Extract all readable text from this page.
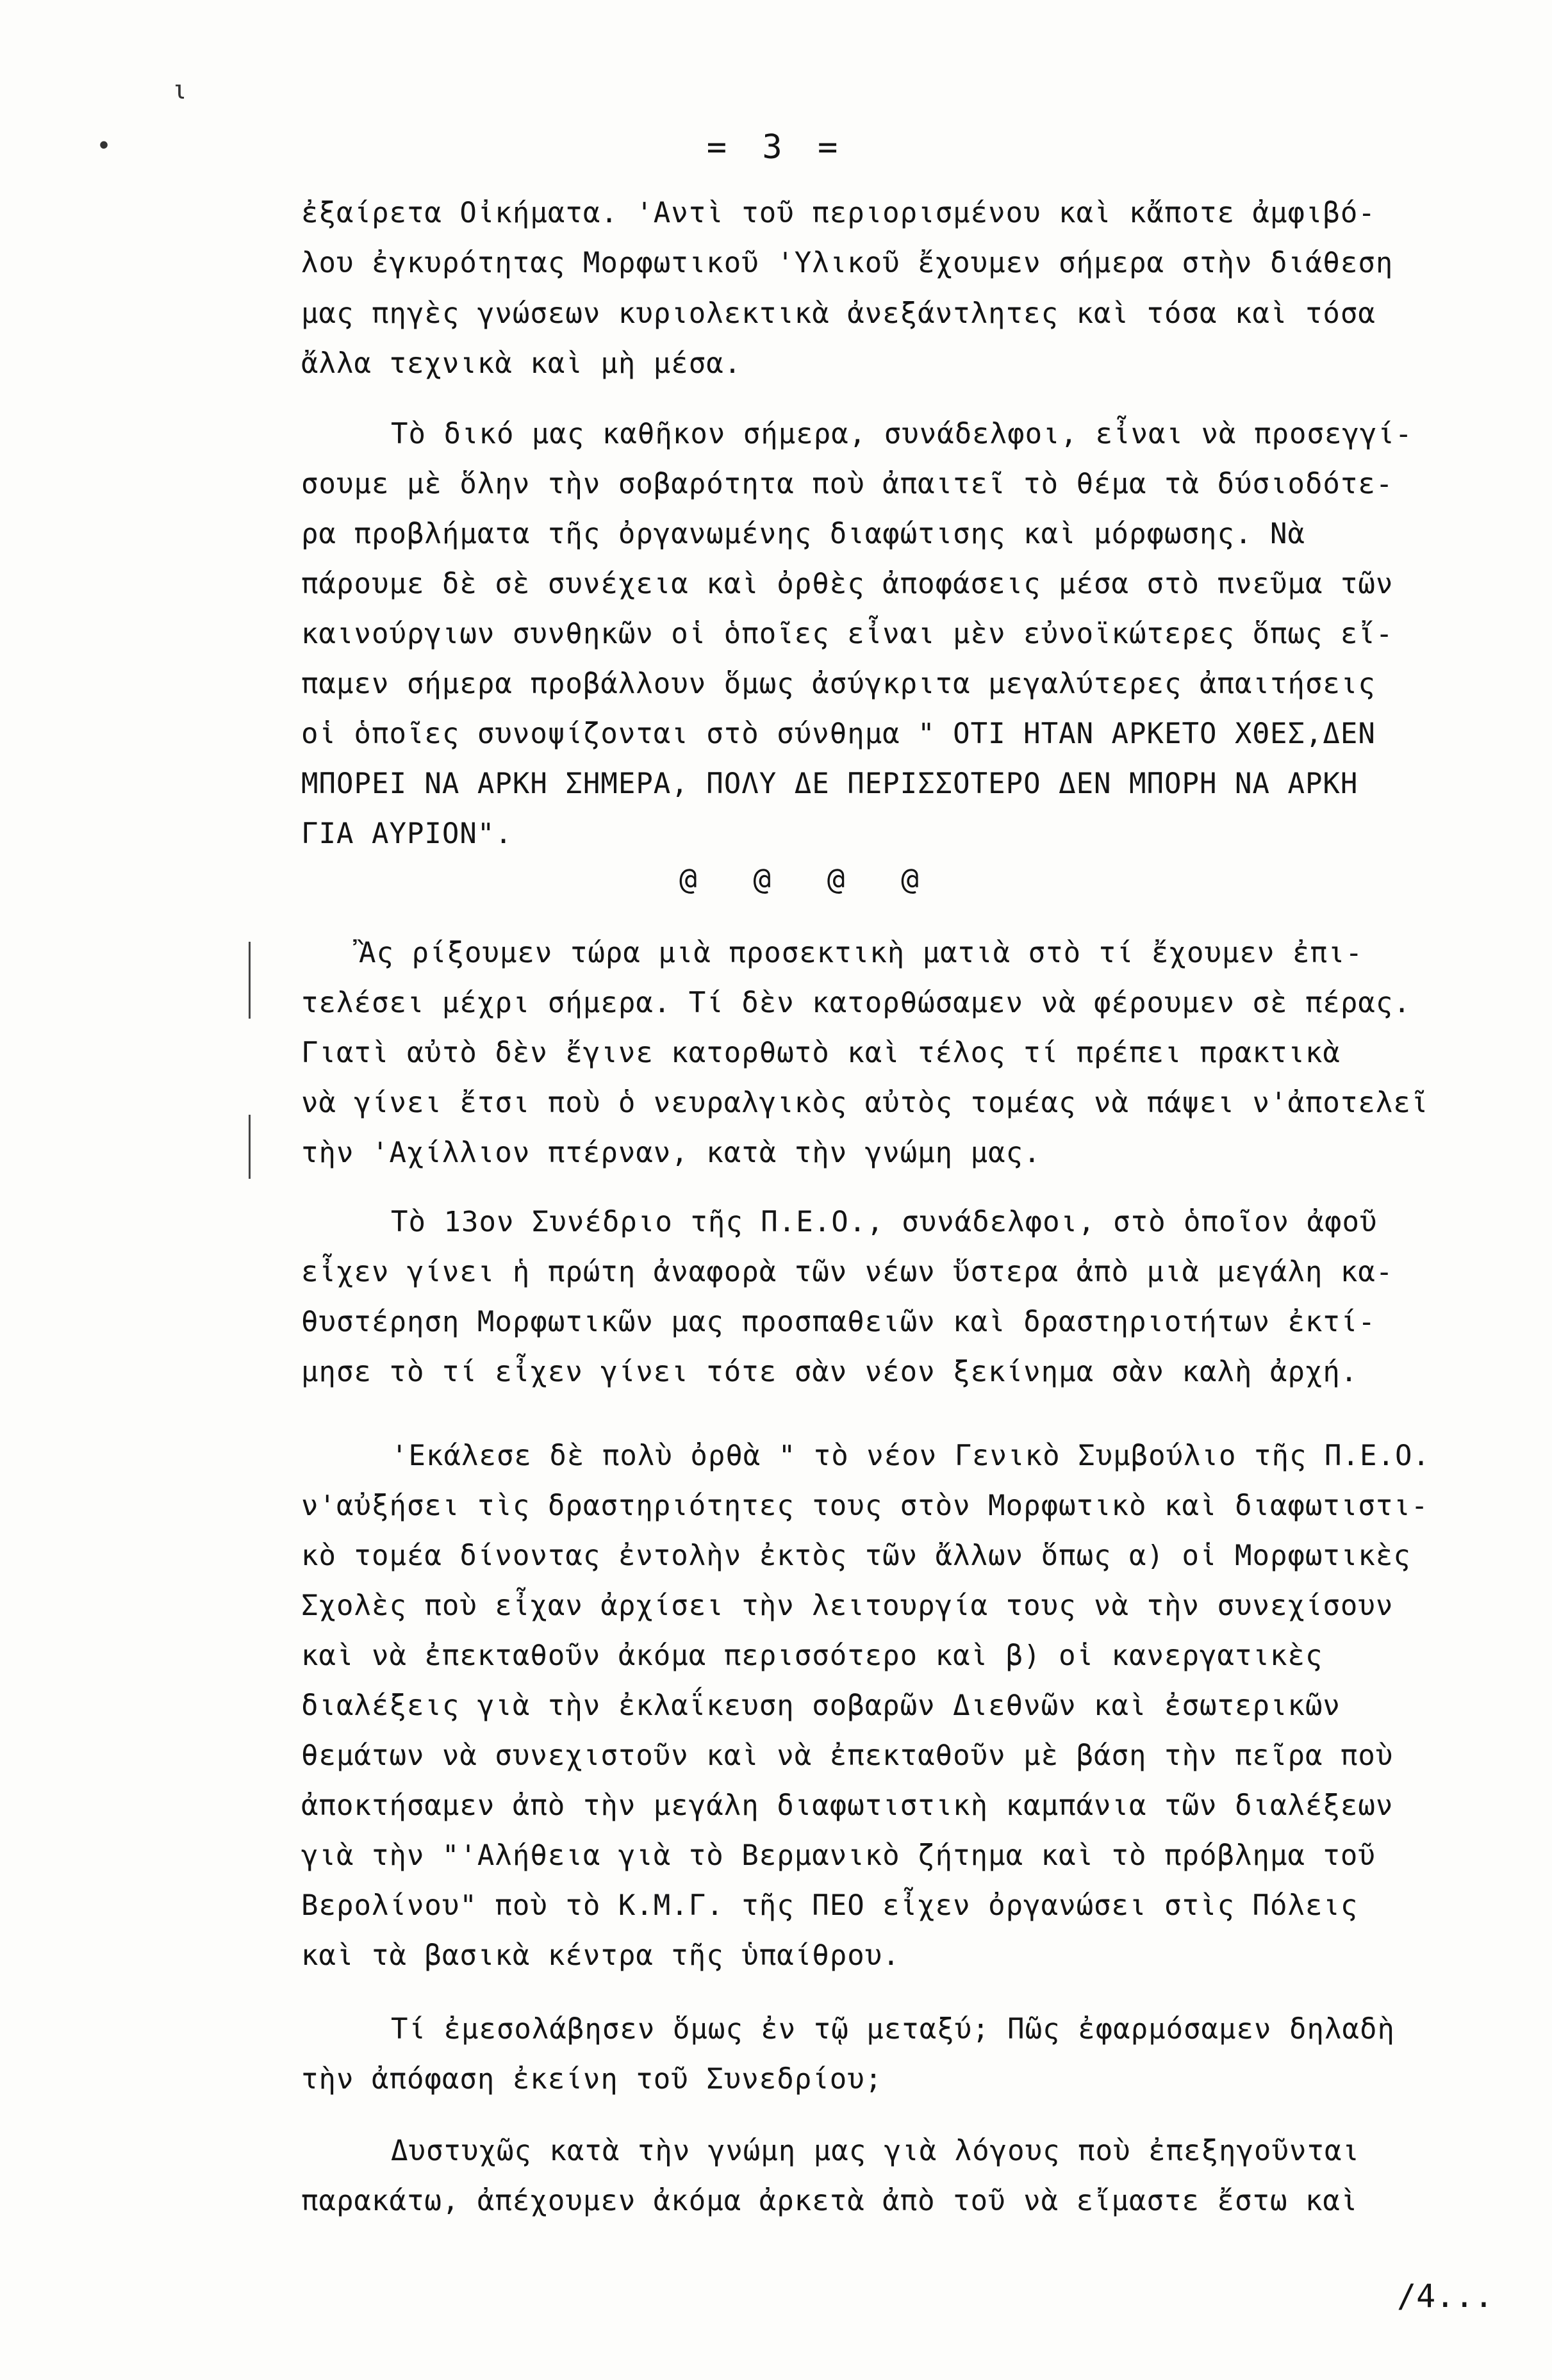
ι
•	= 3 =
ἐξαίρετα Οἰκήματα. 'Αντὶ τοῦ περιορισμένου καὶ κἄποτε ἀμφιβό-
λου ἐγκυρότητας Μορφωτικοῦ 'Υλικοῦ ἔχουμεν σήμερα στὴν διάθεση
μας πηγὲς γνώσεων κυριολεκτικὰ ἀνεξάντλητες καὶ τόσα καὶ τόσα
ἄλλα τεχνικὰ καὶ μὴ μέσα.
Τὸ δικό μας καθῆκον σήμερα, συνάδελφοι, εἶναι νὰ προσεγγί-
σουμε μὲ ὅλην τὴν σοβαρότητα ποὺ ἀπαιτεῖ τὸ θέμα τὰ δύσιοδότε-
ρα προβλήματα τῆς ὀργανωμένης διαφώτισης καὶ μόρφωσης. Νὰ
πάρουμε δὲ σὲ συνέχεια καὶ ὀρθὲς ἀποφάσεις μέσα στὸ πνεῦμα τῶν
καινούργιων συνθηκῶν οἱ ὁποῖες εἶναι μὲν εὐνοϊκώτερες ὅπως εἴ-
παμεν σήμερα προβάλλουν ὅμως ἀσύγκριτα μεγαλύτερες ἀπαιτήσεις
οἱ ὁποῖες συνοψίζονται στὸ σύνθημα " ΟΤΙ ΗΤΑΝ ΑΡΚΕΤΟ ΧΘΕΣ,ΔΕΝ
ΜΠΟΡΕΙ ΝΑ ΑΡΚΗ ΣΗΜΕΡΑ, ΠΟΛΥ ΔΕ ΠΕΡΙΣΣΟΤΕΡΟ ΔΕΝ ΜΠΟΡΗ ΝΑ ΑΡΚΗ
ΓΙΑ ΑΥΡΙΟΝ".
@ @ @ @
Ἂς ρίξουμεν τώρα μιὰ προσεκτικὴ ματιὰ στὸ τί ἔχουμεν ἐπι-
τελέσει μέχρι σήμερα. Τί δὲν κατορθώσαμεν νὰ φέρουμεν σὲ πέρας.
Γιατὶ αὐτὸ δὲν ἔγινε κατορθωτὸ καὶ τέλος τί πρέπει πρακτικὰ
νὰ γίνει ἔτσι ποὺ ὁ νευραλγικὸς αὐτὸς τομέας νὰ πάψει ν'ἀποτελεῖ
τὴν 'Αχίλλιον πτέρναν, κατὰ τὴν γνώμη μας.
Τὸ 13ον Συνέδριο τῆς Π.Ε.Ο., συνάδελφοι, στὸ ὁποῖον ἀφοῦ
εἶχεν γίνει ἡ πρώτη ἀναφορὰ τῶν νέων ὕστερα ἀπὸ μιὰ μεγάλη κα-
θυστέρηση Μορφωτικῶν μας προσπαθειῶν καὶ δραστηριοτήτων ἐκτί-
μησε τὸ τί εἶχεν γίνει τότε σὰν νέον ξεκίνημα σὰν καλὴ ἀρχή.
'Εκάλεσε δὲ πολὺ ὀρθὰ " τὸ νέον Γενικὸ Συμβούλιο τῆς Π.Ε.Ο.
ν'αὐξήσει τὶς δραστηριότητες τους στὸν Μορφωτικὸ καὶ διαφωτιστι-
κὸ τομέα δίνοντας ἐντολὴν ἐκτὸς τῶν ἄλλων ὅπως α) οἱ Μορφωτικὲς
Σχολὲς ποὺ εἶχαν ἀρχίσει τὴν λειτουργία τους νὰ τὴν συνεχίσουν
καὶ νὰ ἐπεκταθοῦν ἀκόμα περισσότερο καὶ β) οἱ κανεργατικὲς
διαλέξεις γιὰ τὴν ἐκλαΐκευση σοβαρῶν Διεθνῶν καὶ ἐσωτερικῶν
θεμάτων νὰ συνεχιστοῦν καὶ νὰ ἐπεκταθοῦν μὲ βάση τὴν πεῖρα ποὺ
ἀποκτήσαμεν ἀπὸ τὴν μεγάλη διαφωτιστικὴ καμπάνια τῶν διαλέξεων
γιὰ τὴν "'Αλήθεια γιὰ τὸ Βερμανικὸ ζήτημα καὶ τὸ πρόβλημα τοῦ
Βερολίνου" ποὺ τὸ Κ.Μ.Γ. τῆς ΠΕΟ εἶχεν ὀργανώσει στὶς Πόλεις
καὶ τὰ βασικὰ κέντρα τῆς ὑπαίθρου.
Τί ἐμεσολάβησεν ὅμως ἐν τῷ μεταξύ; Πῶς ἐφαρμόσαμεν δηλαδὴ
τὴν ἀπόφαση ἐκείνη τοῦ Συνεδρίου;
Δυστυχῶς κατὰ τὴν γνώμη μας γιὰ λόγους ποὺ ἐπεξηγοῦνται
παρακάτω, ἀπέχουμεν ἀκόμα ἀρκετὰ ἀπὸ τοῦ νὰ εἴμαστε ἔστω καὶ
/4...
